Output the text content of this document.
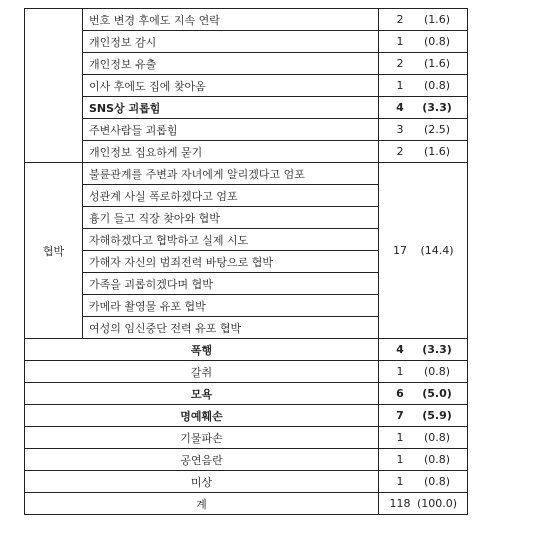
	번호 변경 후에도 지속 연락	2 (1.6)
	개인정보 감시	1 (0.8)
	개인정보 유출	2 (1.6)
	이사 후에도 집에 찾아옴	1 (0.8)
	SNS상 괴롭힘	4 (3.3)
	주변사람들 괴롭힘	3 (2.5)
	개인정보 집요하게 묻기	2 (1.6)
협박	불륜관계를 주변과 자녀에게 알리겠다고 엄포	17 (14.4)
	성관계 사실 폭로하겠다고 엄포	
	흉기 들고 직장 찾아와 협박	
	자해하겠다고 협박하고 실제 시도	
	가해자 자신의 범죄전력 바탕으로 협박	
	가족을 괴롭히겠다며 협박	
	카메라 촬영물 유포 협박	
	여성의 임신중단 전력 유포 협박	
폭행		4 (3.3)
갈취		1 (0.8)
모욕		6 (5.0)
명예훼손		7 (5.9)
기물파손		1 (0.8)
공연음란		1 (0.8)
미상		1 (0.8)
계		118 (100.0)
